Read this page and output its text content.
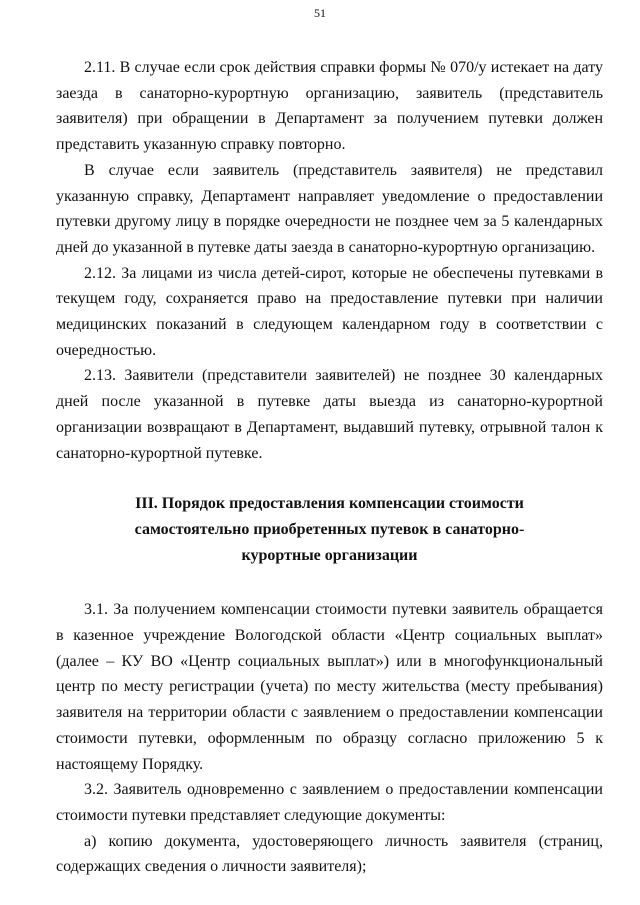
51

2.11. В случае если срок действия справки формы № 070/у истекает на дату заезда в санаторно-курортную организацию, заявитель (представитель заявителя) при обращении в Департамент за получением путевки должен представить указанную справку повторно.

В случае если заявитель (представитель заявителя) не представил указанную справку, Департамент направляет уведомление о предоставлении путевки другому лицу в порядке очередности не позднее чем за 5 календарных дней до указанной в путевке даты заезда в санаторно-курортную организацию.

2.12. За лицами из числа детей-сирот, которые не обеспечены путевками в текущем году, сохраняется право на предоставление путевки при наличии медицинских показаний в следующем календарном году в соответствии с очередностью.

2.13. Заявители (представители заявителей) не позднее 30 календарных дней после указанной в путевке даты выезда из санаторно-курортной организации возвращают в Департамент, выдавший путевку, отрывной талон к санаторно-курортной путевке.

III. Порядок предоставления компенсации стоимости самостоятельно приобретенных путевок в санаторно-курортные организации

3.1. За получением компенсации стоимости путевки заявитель обращается в казенное учреждение Вологодской области «Центр социальных выплат» (далее – КУ ВО «Центр социальных выплат») или в многофункциональный центр по месту регистрации (учета) по месту жительства (месту пребывания) заявителя на территории области с заявлением о предоставлении компенсации стоимости путевки, оформленным по образцу согласно приложению 5 к настоящему Порядку.

3.2. Заявитель одновременно с заявлением о предоставлении компенсации стоимости путевки представляет следующие документы:

а) копию документа, удостоверяющего личность заявителя (страниц, содержащих сведения о личности заявителя);
